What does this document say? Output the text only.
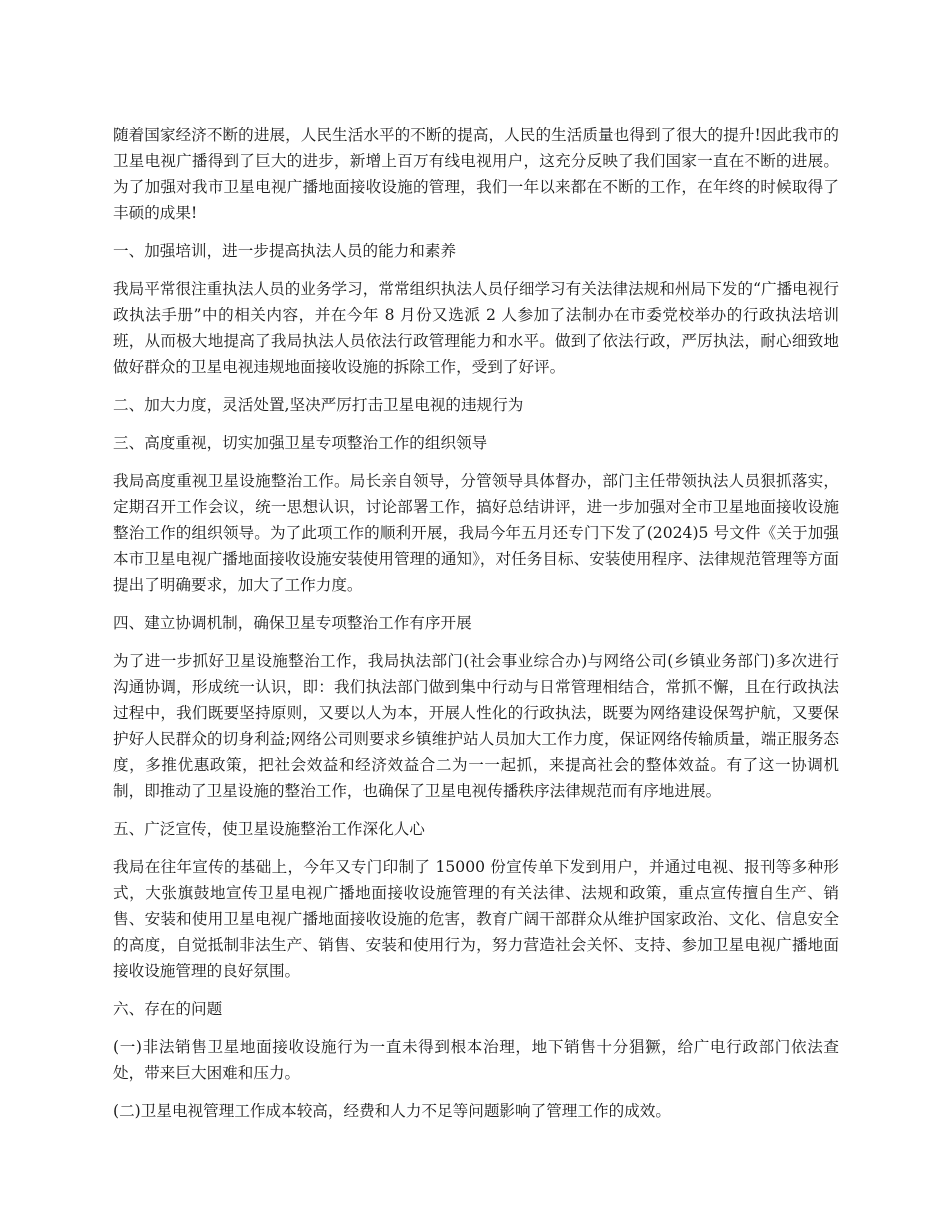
随着国家经济不断的进展，人民生活水平的不断的提高，人民的生活质量也得到了很大的提升!因此我市的卫星电视广播得到了巨大的进步，新增上百万有线电视用户，这充分反映了我们国家一直在不断的进展。为了加强对我市卫星电视广播地面接收设施的管理，我们一年以来都在不断的工作，在年终的时候取得了丰硕的成果!

一、加强培训，进一步提高执法人员的能力和素养

我局平常很注重执法人员的业务学习，常常组织执法人员仔细学习有关法律法规和州局下发的“广播电视行政执法手册”中的相关内容，并在今年 8 月份又选派 2 人参加了法制办在市委党校举办的行政执法培训班，从而极大地提高了我局执法人员依法行政管理能力和水平。做到了依法行政，严厉执法，耐心细致地做好群众的卫星电视违规地面接收设施的拆除工作，受到了好评。

二、加大力度，灵活处置,坚决严厉打击卫星电视的违规行为

三、高度重视，切实加强卫星专项整治工作的组织领导

我局高度重视卫星设施整治工作。局长亲自领导，分管领导具体督办，部门主任带领执法人员狠抓落实，定期召开工作会议，统一思想认识，讨论部署工作，搞好总结讲评，进一步加强对全市卫星地面接收设施整治工作的组织领导。为了此项工作的顺利开展，我局今年五月还专门下发了(2024)5 号文件《关于加强本市卫星电视广播地面接收设施安装使用管理的通知》，对任务目标、安装使用程序、法律规范管理等方面提出了明确要求，加大了工作力度。

四、建立协调机制，确保卫星专项整治工作有序开展

为了进一步抓好卫星设施整治工作，我局执法部门(社会事业综合办)与网络公司(乡镇业务部门)多次进行沟通协调，形成统一认识，即：我们执法部门做到集中行动与日常管理相结合，常抓不懈，且在行政执法过程中，我们既要坚持原则，又要以人为本，开展人性化的行政执法，既要为网络建设保驾护航，又要保护好人民群众的切身利益;网络公司则要求乡镇维护站人员加大工作力度，保证网络传输质量，端正服务态度，多推优惠政策，把社会效益和经济效益合二为一一起抓，来提高社会的整体效益。有了这一协调机制，即推动了卫星设施的整治工作，也确保了卫星电视传播秩序法律规范而有序地进展。

五、广泛宣传，使卫星设施整治工作深化人心

我局在往年宣传的基础上，今年又专门印制了 15000 份宣传单下发到用户，并通过电视、报刊等多种形式，大张旗鼓地宣传卫星电视广播地面接收设施管理的有关法律、法规和政策，重点宣传擅自生产、销售、安装和使用卫星电视广播地面接收设施的危害，教育广阔干部群众从维护国家政治、文化、信息安全的高度，自觉抵制非法生产、销售、安装和使用行为，努力营造社会关怀、支持、参加卫星电视广播地面接收设施管理的良好氛围。

六、存在的问题

(一)非法销售卫星地面接收设施行为一直未得到根本治理，地下销售十分猖獗，给广电行政部门依法查处，带来巨大困难和压力。

(二)卫星电视管理工作成本较高，经费和人力不足等问题影响了管理工作的成效。
